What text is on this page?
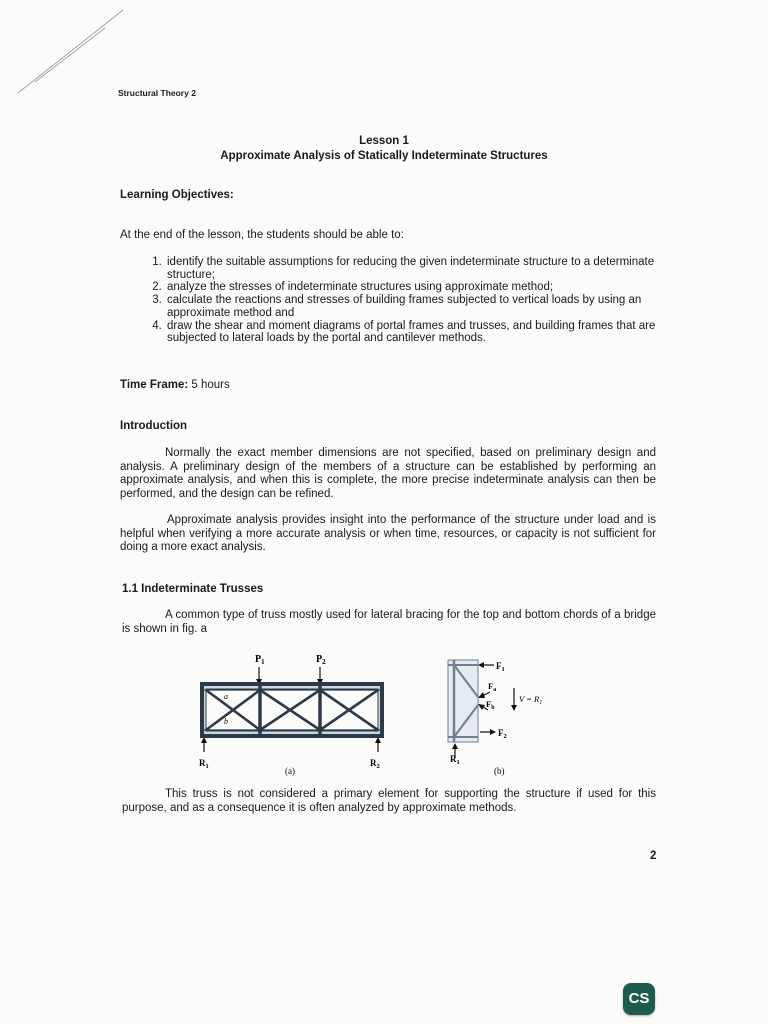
Structural Theory 2
Lesson 1
Approximate Analysis of Statically Indeterminate Structures
Learning Objectives:
At the end of the lesson, the students should be able to:
1. identify the suitable assumptions for reducing the given indeterminate structure to a determinate structure;
2. analyze the stresses of indeterminate structures using approximate method;
3. calculate the reactions and stresses of building frames subjected to vertical loads by using an approximate method and
4. draw the shear and moment diagrams of portal frames and trusses, and building frames that are subjected to lateral loads by the portal and cantilever methods.
Time Frame: 5 hours
Introduction
Normally the exact member dimensions are not specified, based on preliminary design and analysis. A preliminary design of the members of a structure can be established by performing an approximate analysis, and when this is complete, the more precise indeterminate analysis can then be performed, and the design can be refined.
Approximate analysis provides insight into the performance of the structure under load and is helpful when verifying a more accurate analysis or when time, resources, or capacity is not sufficient for doing a more exact analysis.
1.1 Indeterminate Trusses
A common type of truss mostly used for lateral bracing for the top and bottom chords of a bridge is shown in fig. a
$P_1$	$P_2$
a
b
$R_1$	$R_2$
(a)
$F_1$
$F_a$
$F_b$
$F_2$
$V = R_1$
$R_1$
(b)
This truss is not considered a primary element for supporting the structure if used for this purpose, and as a consequence it is often analyzed by approximate methods.
2
CS
